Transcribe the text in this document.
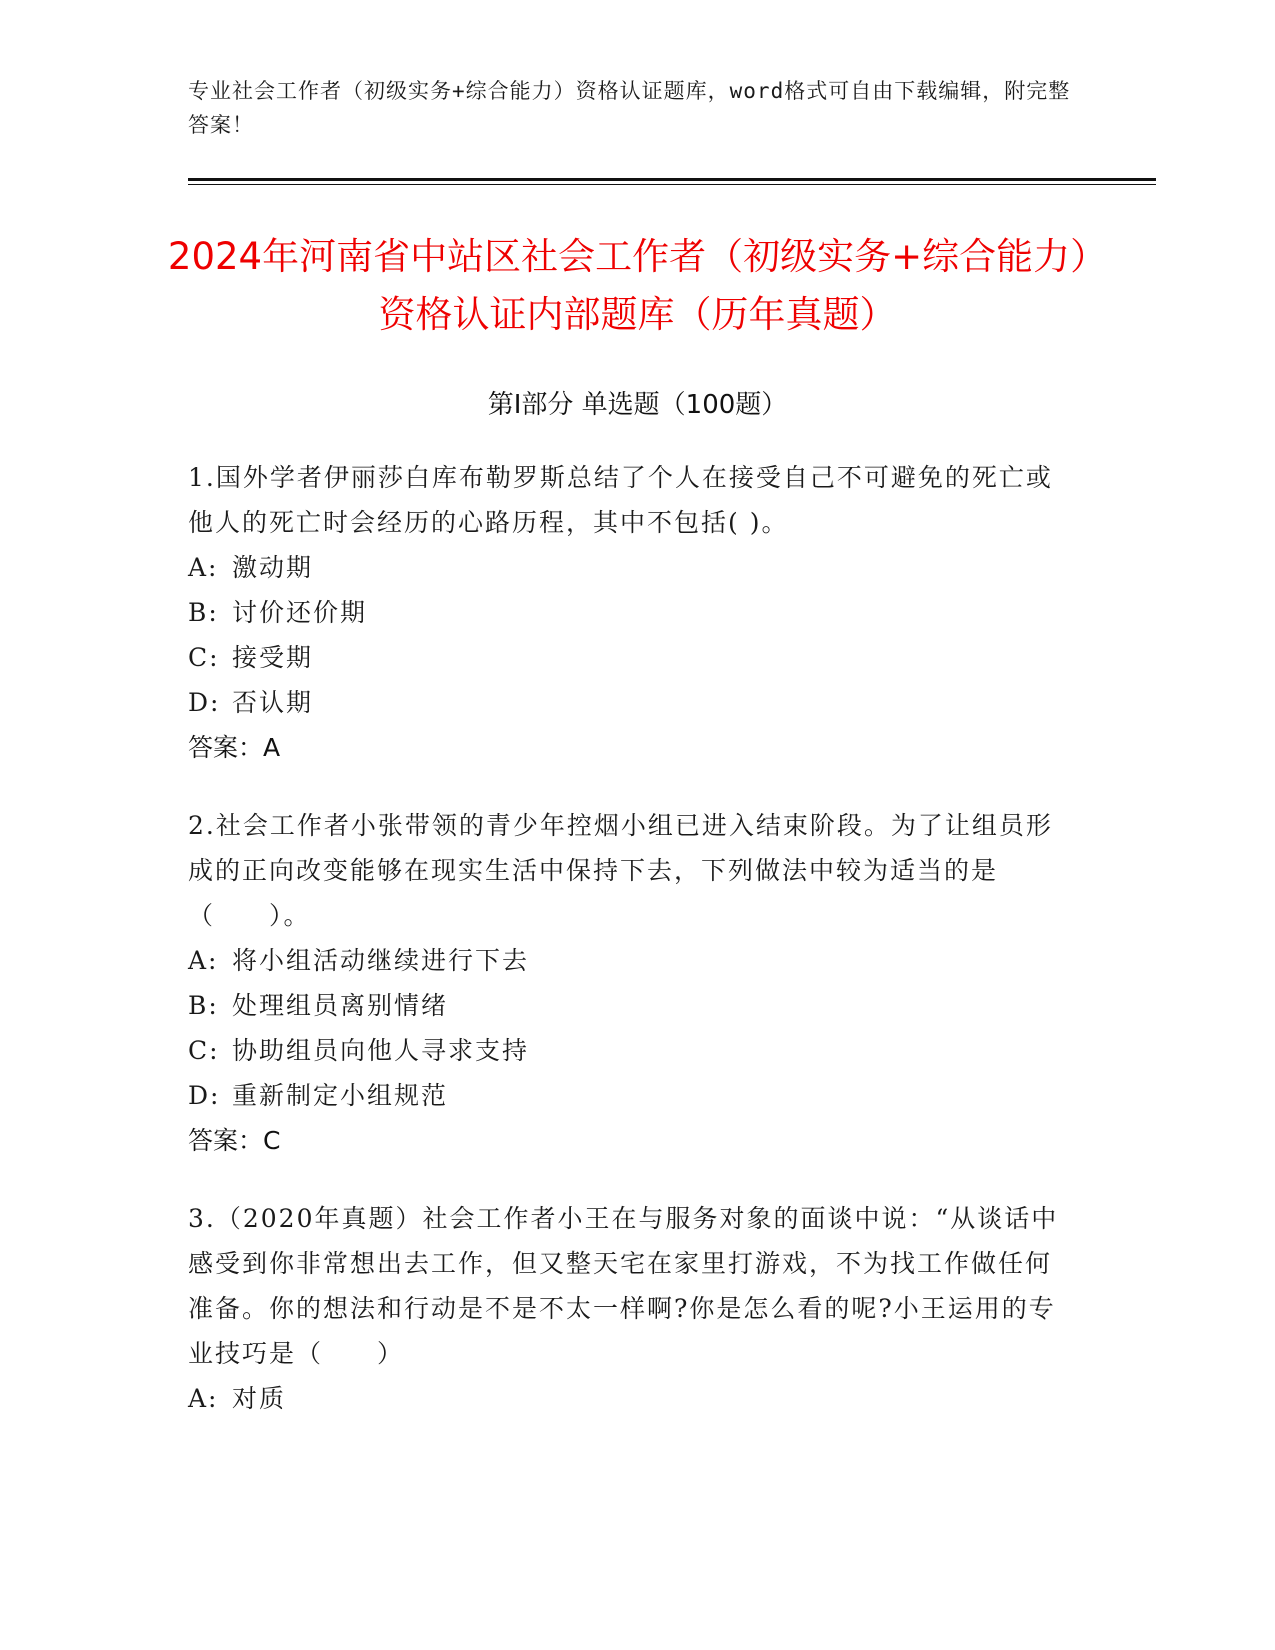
专业社会工作者（初级实务+综合能力）资格认证题库，word格式可自由下载编辑，附完整答案！
2024年河南省中站区社会工作者（初级实务+综合能力）资格认证内部题库（历年真题）
第Ⅰ部分 单选题（100题）
1.国外学者伊丽莎白库布勒罗斯总结了个人在接受自己不可避免的死亡或他人的死亡时会经历的心路历程，其中不包括( )。
A: 激动期
B: 讨价还价期
C: 接受期
D: 否认期
答案：A
2.社会工作者小张带领的青少年控烟小组已进入结束阶段。为了让组员形成的正向改变能够在现实生活中保持下去，下列做法中较为适当的是（　　）。
A: 将小组活动继续进行下去
B: 处理组员离别情绪
C: 协助组员向他人寻求支持
D: 重新制定小组规范
答案：C
3.（2020年真题）社会工作者小王在与服务对象的面谈中说：“从谈话中感受到你非常想出去工作，但又整天宅在家里打游戏，不为找工作做任何准备。你的想法和行动是不是不太一样啊?你是怎么看的呢?小王运用的专业技巧是（　　）
A: 对质
